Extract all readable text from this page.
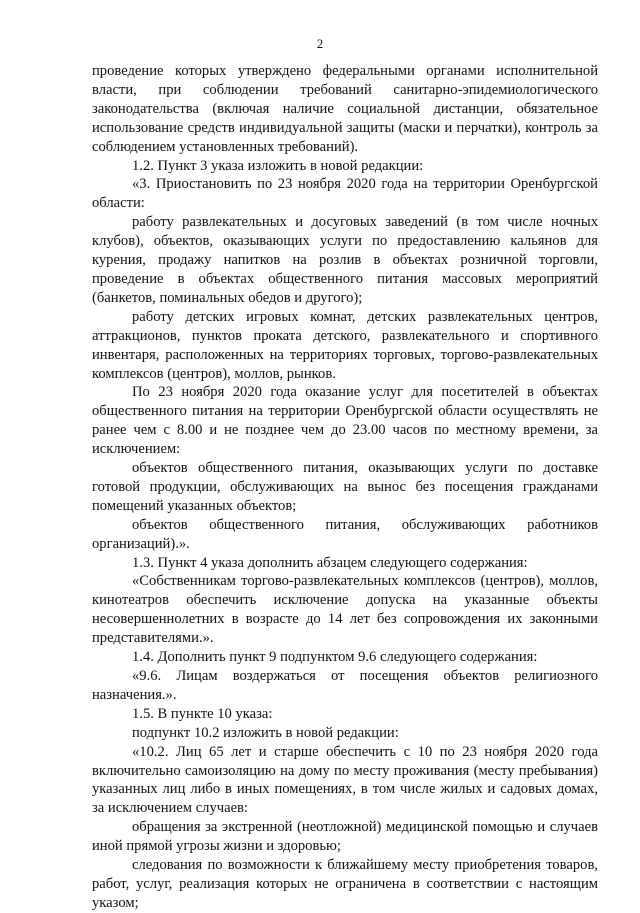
2

проведение которых утверждено федеральными органами исполнительной власти, при соблюдении требований санитарно-эпидемиологического законодательства (включая наличие социальной дистанции, обязательное использование средств индивидуальной защиты (маски и перчатки), контроль за соблюдением установленных требований).

1.2. Пункт 3 указа изложить в новой редакции:

«3. Приостановить по 23 ноября 2020 года на территории Оренбургской области:

работу развлекательных и досуговых заведений (в том числе ночных клубов), объектов, оказывающих услуги по предоставлению кальянов для курения, продажу напитков на розлив в объектах розничной торговли, проведение в объектах общественного питания массовых мероприятий (банкетов, поминальных обедов и другого);

работу детских игровых комнат, детских развлекательных центров, аттракционов, пунктов проката детского, развлекательного и спортивного инвентаря, расположенных на территориях торговых, торгово-развлекательных комплексов (центров), моллов, рынков.

По 23 ноября 2020 года оказание услуг для посетителей в объектах общественного питания на территории Оренбургской области осуществлять не ранее чем с 8.00 и не позднее чем до 23.00 часов по местному времени, за исключением:

объектов общественного питания, оказывающих услуги по доставке готовой продукции, обслуживающих на вынос без посещения гражданами помещений указанных объектов;

объектов общественного питания, обслуживающих работников организаций).».

1.3. Пункт 4 указа дополнить абзацем следующего содержания:

«Собственникам торгово-развлекательных комплексов (центров), моллов, кинотеатров обеспечить исключение допуска на указанные объекты несовершеннолетних в возрасте до 14 лет без сопровождения их законными представителями.».

1.4. Дополнить пункт 9 подпунктом 9.6 следующего содержания:

«9.6. Лицам воздержаться от посещения объектов религиозного назначения.».

1.5. В пункте 10 указа:

подпункт 10.2 изложить в новой редакции:

«10.2. Лиц 65 лет и старше обеспечить с 10 по 23 ноября 2020 года включительно самоизоляцию на дому по месту проживания (месту пребывания) указанных лиц либо в иных помещениях, в том числе жилых и садовых домах, за исключением случаев:

обращения за экстренной (неотложной) медицинской помощью и случаев иной прямой угрозы жизни и здоровью;

следования по возможности к ближайшему месту приобретения товаров, работ, услуг, реализация которых не ограничена в соответствии с настоящим указом;
